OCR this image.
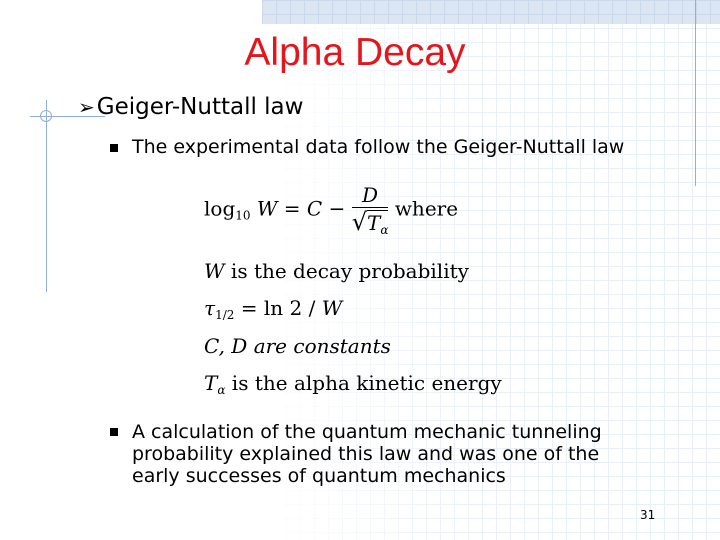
Alpha Decay
➢Geiger-Nuttall law
The experimental data follow the Geiger-Nuttall law
$\log_{10} W = C - \frac{D}{√T_\alpha}$ where
W is the decay probability
$\tau_{1/2} = \ln 2 / W$
C, D are constants
$T_\alpha$ is the alpha kinetic energy
A calculation of the quantum mechanic tunneling
probability explained this law and was one of the
early successes of quantum mechanics
31
